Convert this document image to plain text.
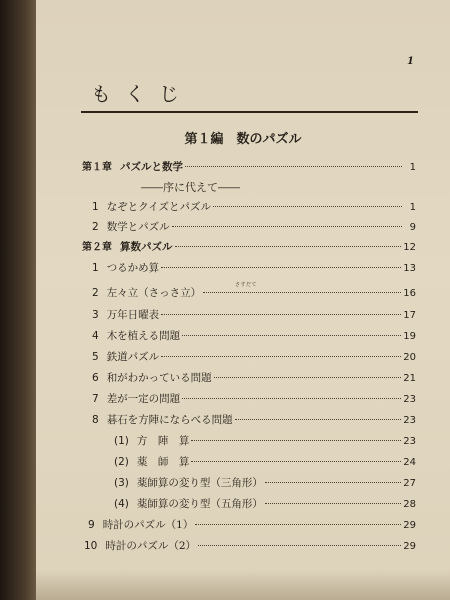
1
もくじ
第１編　数のパズル
第１章 パズルと数学	1
――序に代えて――
1 なぞとクイズとパズル	1
2 数学とパズル	9
第２章 算数パズル	12
1 つるかめ算	13
さすだて
2 左々立（さっさ立）	16
3 万年日曜表	17
4 木を植える問題	19
5 鉄道パズル	20
6 和がわかっている問題	21
7 差が一定の問題	23
8 碁石を方陣にならべる問題	23
(1) 方　陣　算	23
(2) 薬　師　算	24
(3) 薬師算の変り型（三角形）	27
(4) 薬師算の変り型（五角形）	28
9 時計のパズル（1）	29
10 時計のパズル（2）	29
